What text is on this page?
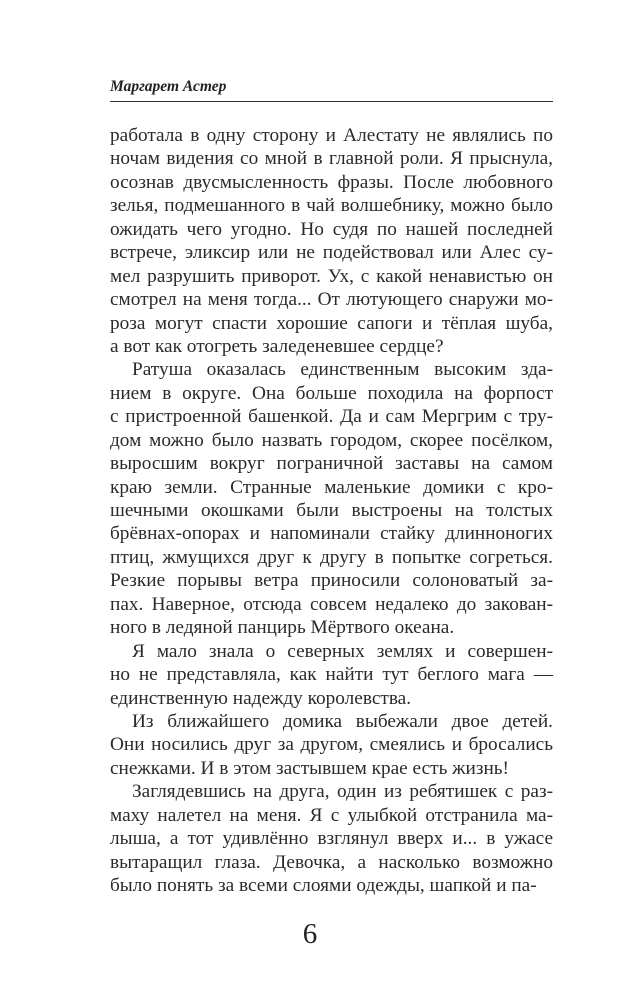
Маргарет Астер
работала в одну сторону и Алестату не являлись по
ночам видения со мной в главной роли. Я прыснула,
осознав двусмысленность фразы. После любовного
зелья, подмешанного в чай волшебнику, можно было
ожидать чего угодно. Но судя по нашей последней
встрече, эликсир или не подействовал или Алес су-
мел разрушить приворот. Ух, с какой ненавистью он
смотрел на меня тогда... От лютующего снаружи мо-
роза могут спасти хорошие сапоги и тёплая шуба,
а вот как отогреть заледеневшее сердце?
Ратуша оказалась единственным высоким зда-
нием в округе. Она больше походила на форпост
с пристроенной башенкой. Да и сам Мергрим с тру-
дом можно было назвать городом, скорее посёлком,
выросшим вокруг пограничной заставы на самом
краю земли. Странные маленькие домики с кро-
шечными окошками были выстроены на толстых
брёвнах-опорах и напоминали стайку длинноногих
птиц, жмущихся друг к другу в попытке согреться.
Резкие порывы ветра приносили солоноватый за-
пах. Наверное, отсюда совсем недалеко до закован-
ного в ледяной панцирь Мёртвого океана.
Я мало знала о северных землях и совершен-
но не представляла, как найти тут беглого мага —
единственную надежду королевства.
Из ближайшего домика выбежали двое детей.
Они носились друг за другом, смеялись и бросались
снежками. И в этом застывшем крае есть жизнь!
Заглядевшись на друга, один из ребятишек с раз-
маху налетел на меня. Я с улыбкой отстранила ма-
лыша, а тот удивлённо взглянул вверх и... в ужасе
вытаращил глаза. Девочка, а насколько возможно
было понять за всеми слоями одежды, шапкой и па-
6
